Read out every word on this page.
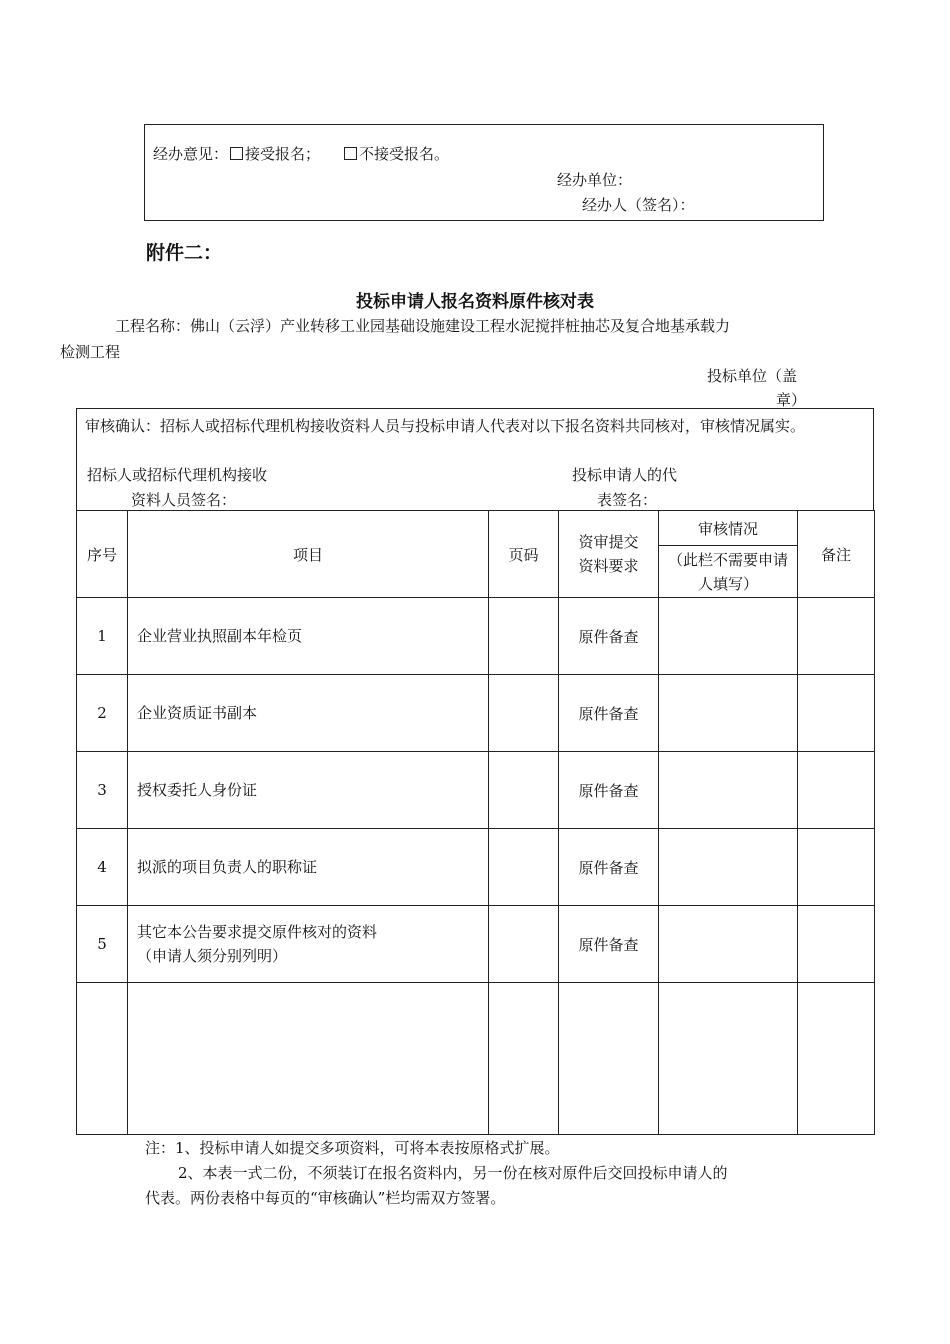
经办意见： 接受报名；	不接受报名。
经办单位：
经办人（签名）：
附件二：
投标申请人报名资料原件核对表
工程名称：佛山（云浮）产业转移工业园基础设施建设工程水泥搅拌桩抽芯及复合地基承载力
检测工程
投标单位（盖
章）
审核确认：招标人或招标代理机构接收资料人员与投标申请人代表对以下报名资料共同核对，审核情况属实。
招标人或招标代理机构接收
资料人员签名：
投标申请人的代
表签名：
序号	项目	页码	资审提交资料要求	审核情况	备注
				（此栏不需要申请人填写）	
1	企业营业执照副本年检页		原件备查		
2	企业资质证书副本		原件备查		
3	授权委托人身份证		原件备查		
4	拟派的项目负责人的职称证		原件备查		
5	其它本公告要求提交原件核对的资料
（申请人须分别列明）		原件备查		

注：1、投标申请人如提交多项资料，可将本表按原格式扩展。
2、本表一式二份，不须装订在报名资料内，另一份在核对原件后交回投标申请人的
代表。两份表格中每页的“审核确认”栏均需双方签署。
